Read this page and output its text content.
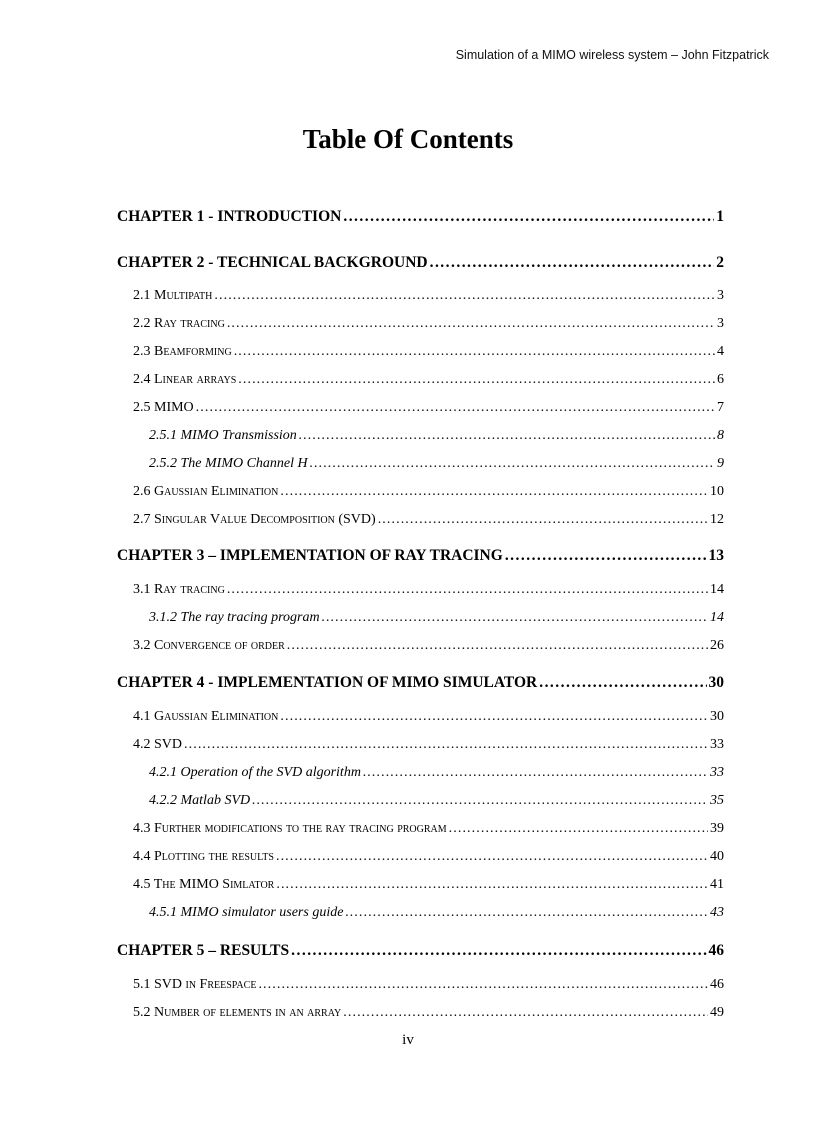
Simulation of a MIMO wireless system – John Fitzpatrick
Table Of Contents
CHAPTER 1 - INTRODUCTION . . .	1
CHAPTER 2 - TECHNICAL BACKGROUND . . .	2
2.1 Multipath . . .	3
2.2 Ray tracing . . .	3
2.3 Beamforming . . .	4
2.4 Linear arrays . . .	6
2.5 MIMO . . .	7
2.5.1 MIMO Transmission . . .	8
2.5.2 The MIMO Channel H . . .	9
2.6 Gaussian Elimination . . .	10
2.7 Singular Value Decomposition (SVD) . . .	12
CHAPTER 3 – IMPLEMENTATION OF RAY TRACING . . .	13
3.1 Ray tracing . . .	14
3.1.2 The ray tracing program . . .	14
3.2 Convergence of order . . .	26
CHAPTER 4 - IMPLEMENTATION OF MIMO SIMULATOR . . .	30
4.1 Gaussian Elimination . . .	30
4.2 SVD . . .	33
4.2.1 Operation of the SVD algorithm . . .	33
4.2.2 Matlab SVD . . .	35
4.3 Further modifications to the ray tracing program . . .	39
4.4 Plotting the results . . .	40
4.5 The MIMO Simlator . . .	41
4.5.1 MIMO simulator users guide . . .	43
CHAPTER 5 – RESULTS . . .	46
5.1 SVD in Freespace . . .	46
5.2 Number of elements in an array . . .	49
iv
